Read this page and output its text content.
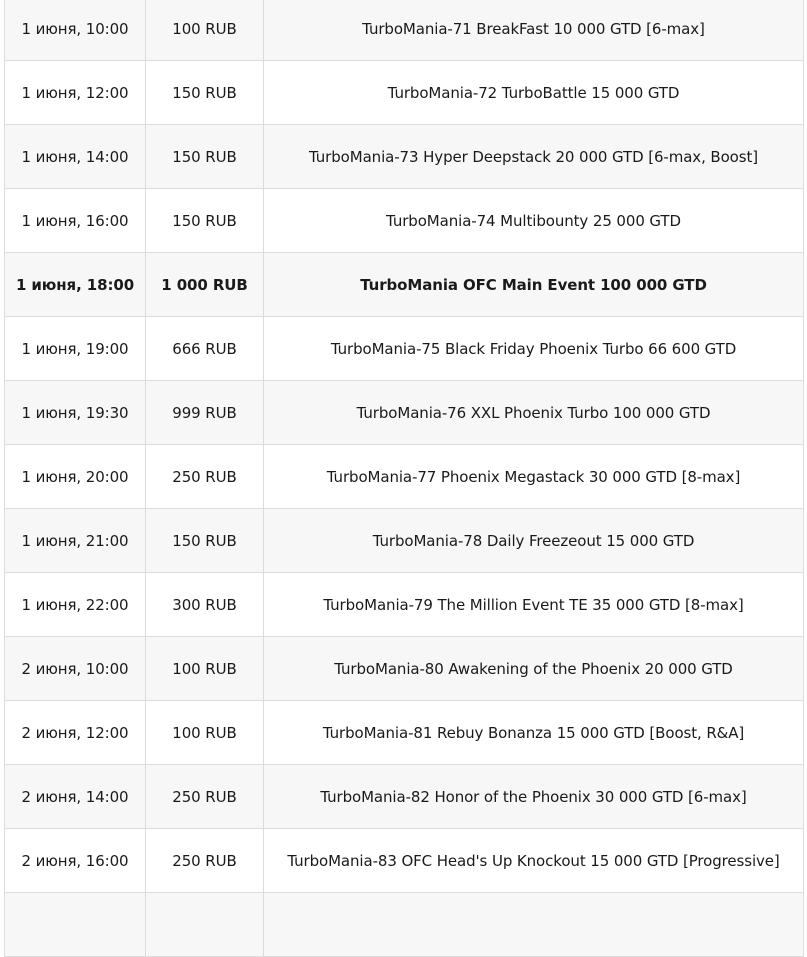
1 июня, 10:00	100 RUB	TurboMania-71 BreakFast 10 000 GTD [6-max]
1 июня, 12:00	150 RUB	TurboMania-72 TurboBattle 15 000 GTD
1 июня, 14:00	150 RUB	TurboMania-73 Hyper Deepstack 20 000 GTD [6-max, Boost]
1 июня, 16:00	150 RUB	TurboMania-74 Multibounty 25 000 GTD
1 июня, 18:00	1 000 RUB	TurboMania OFC Main Event 100 000 GTD
1 июня, 19:00	666 RUB	TurboMania-75 Black Friday Phoenix Turbo 66 600 GTD
1 июня, 19:30	999 RUB	TurboMania-76 XXL Phoenix Turbo 100 000 GTD
1 июня, 20:00	250 RUB	TurboMania-77 Phoenix Megastack 30 000 GTD [8-max]
1 июня, 21:00	150 RUB	TurboMania-78 Daily Freezeout 15 000 GTD
1 июня, 22:00	300 RUB	TurboMania-79 The Million Event TE 35 000 GTD [8-max]
2 июня, 10:00	100 RUB	TurboMania-80 Awakening of the Phoenix 20 000 GTD
2 июня, 12:00	100 RUB	TurboMania-81 Rebuy Bonanza 15 000 GTD [Boost, R&A]
2 июня, 14:00	250 RUB	TurboMania-82 Honor of the Phoenix 30 000 GTD [6-max]
2 июня, 16:00	250 RUB	TurboMania-83 OFC Head's Up Knockout 15 000 GTD [Progressive]
